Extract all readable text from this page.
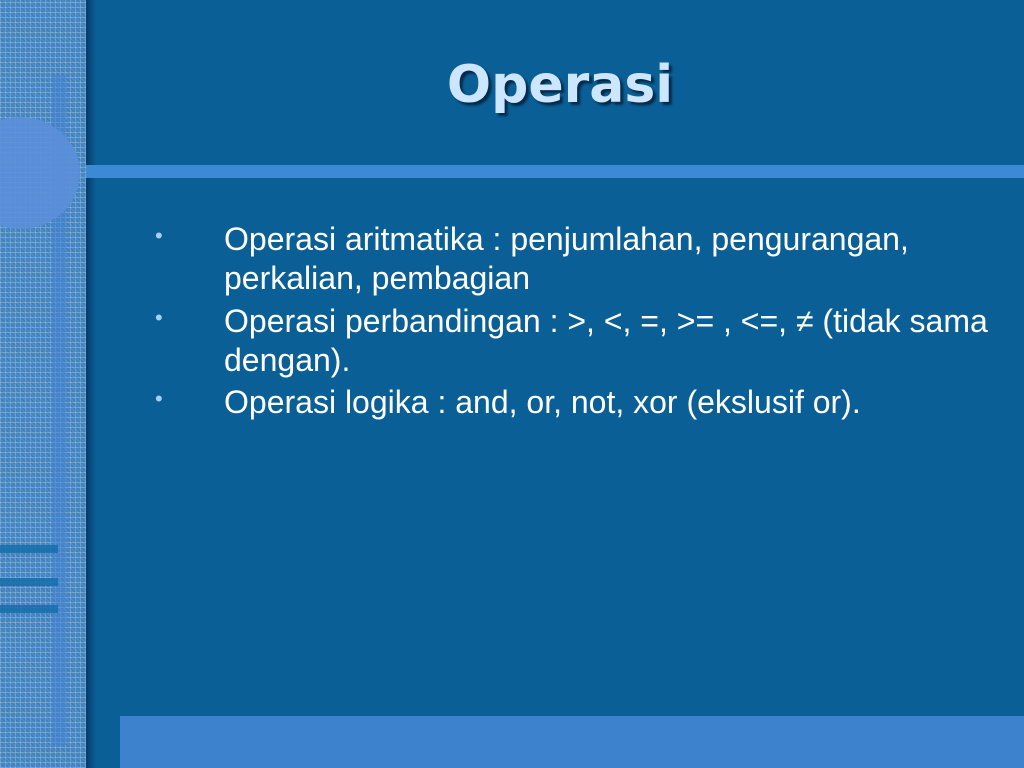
Operasi
• Operasi aritmatika : penjumlahan, pengurangan, perkalian, pembagian
• Operasi perbandingan : >, <, =, >= , <=, ≠ (tidak sama dengan).
• Operasi logika : and, or, not, xor (ekslusif or).
